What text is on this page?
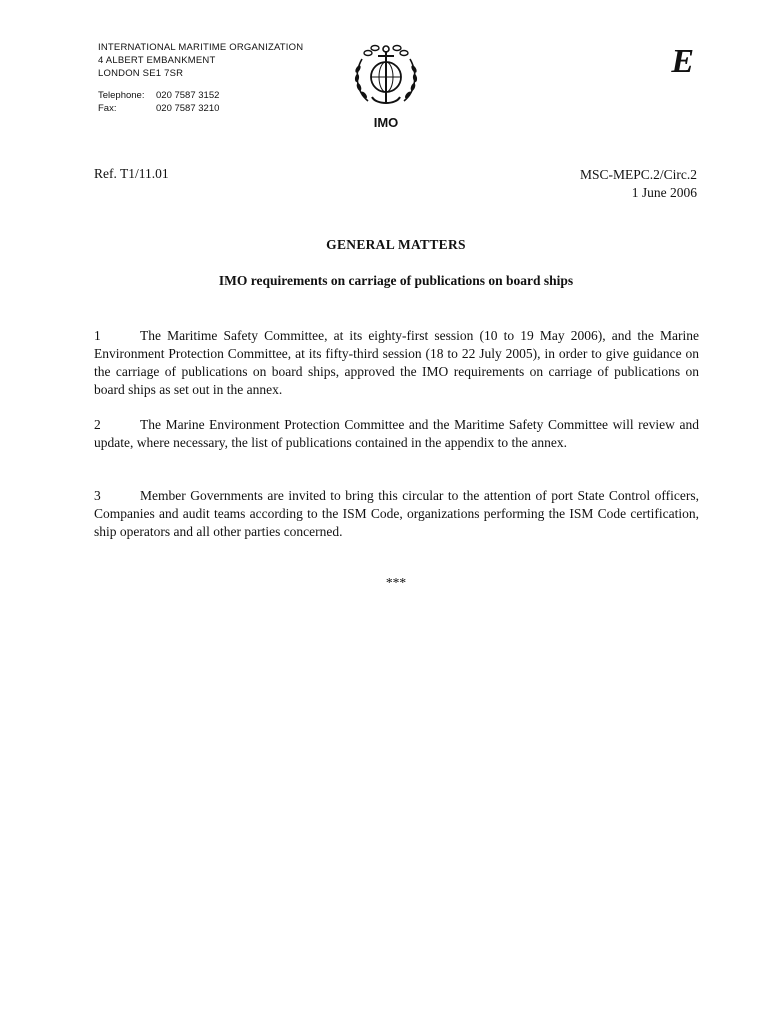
INTERNATIONAL MARITIME ORGANIZATION
4 ALBERT EMBANKMENT
LONDON SE1 7SR
Telephone:	020 7587 3152
Fax:	020 7587 3210
IMO
E
Ref. T1/11.01	MSC-MEPC.2/Circ.2
1 June 2006
GENERAL MATTERS
IMO requirements on carriage of publications on board ships

1	The Maritime Safety Committee, at its eighty-first session (10 to 19 May 2006), and the Marine Environment Protection Committee, at its fifty-third session (18 to 22 July 2005), in order to give guidance on the carriage of publications on board ships, approved the IMO requirements on carriage of publications on board ships as set out in the annex.

2	The Marine Environment Protection Committee and the Maritime Safety Committee will review and update, where necessary, the list of publications contained in the appendix to the annex.

3	Member Governments are invited to bring this circular to the attention of port State Control officers, Companies and audit teams according to the ISM Code, organizations performing the ISM Code certification, ship operators and all other parties concerned.

***
